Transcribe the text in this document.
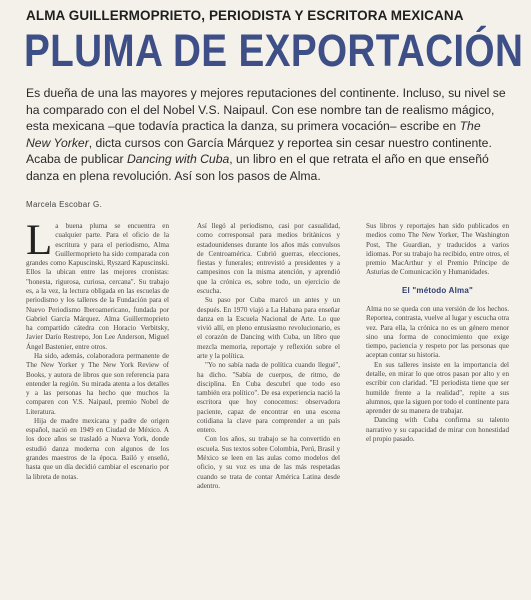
ALMA GUILLERMOPRIETO, PERIODISTA Y ESCRITORA MEXICANA
PLUMA DE EXPORTACIÓN
Es dueña de una las mayores y mejores reputaciones del continente. Incluso, su nivel se ha comparado con el del Nobel V.S. Naipaul. Con ese nombre tan de realismo mágico, esta mexicana –que todavía practica la danza, su primera vocación– escribe en The New Yorker, dicta cursos con García Márquez y reportea sin cesar nuestro continente. Acaba de publicar Dancing with Cuba, un libro en el que retrata el año en que enseñó danza en plena revolución. Así son los pasos de Alma.
Marcela Escobar G.
L a buena pluma se encuentra en cualquier parte. Para el oficio de la escritura y para el periodismo, Alma Guillermoprieto ha sido comparada con grandes como Kapuscinski, Ryszard Kapuscinski. Ellos la ubican entre las mejores cronistas: "honesta, rigurosa, curiosa, cercana". Su trabajo es, a la vez, la lectura obligada en las escuelas de periodismo y los talleres de la Fundación para el Nuevo Periodismo Iberoamericano, fundada por Gabriel García Márquez. Alma Guillermoprieto ha compartido cátedra con Horacio Verbitsky, Javier Darío Restrepo, Jon Lee Anderson, Miguel Ángel Bastenier, entre otros.

Ha sido, además, colaboradora permanente de The New Yorker y The New York Review of Books, y autora de libros que son referencia para entender la región. Su mirada atenta a los detalles y a las personas ha hecho que muchos la comparen con V.S. Naipaul, premio Nobel de Literatura.

Hija de madre mexicana y padre de origen español, nació en 1949 en Ciudad de México. A los doce años se trasladó a Nueva York, donde estudió danza moderna con algunos de los grandes maestros de la época. Bailó y enseñó, hasta que un día decidió cambiar el escenario por la libreta de notas.

Así llegó al periodismo, casi por casualidad, como corresponsal para medios británicos y estadounidenses durante los años más convulsos de Centroamérica. Cubrió guerras, elecciones, fiestas y funerales; entrevistó a presidentes y a campesinos con la misma atención, y aprendió que la crónica es, sobre todo, un ejercicio de escucha.

Su paso por Cuba marcó un antes y un después. En 1970 viajó a La Habana para enseñar danza en la Escuela Nacional de Arte. Lo que vivió allí, en pleno entusiasmo revolucionario, es el corazón de Dancing with Cuba, un libro que mezcla memoria, reportaje y reflexión sobre el arte y la política.

"Yo no sabía nada de política cuando llegué", ha dicho. "Sabía de cuerpos, de ritmo, de disciplina. En Cuba descubrí que todo eso también era político". De esa experiencia nació la escritora que hoy conocemos: observadora paciente, capaz de encontrar en una escena cotidiana la clave para comprender a un país entero.

Con los años, su trabajo se ha convertido en escuela. Sus textos sobre Colombia, Perú, Brasil y México se leen en las aulas como modelos del oficio, y su voz es una de las más respetadas cuando se trata de contar América Latina desde adentro.

Sus libros y reportajes han sido publicados en medios como The New Yorker, The Washington Post, The Guardian, y traducidos a varios idiomas. Por su trabajo ha recibido, entre otros, el premio MacArthur y el Premio Príncipe de Asturias de Comunicación y Humanidades.

El "método Alma"

Alma no se queda con una versión de los hechos. Reportea, contrasta, vuelve al lugar y escucha otra vez. Para ella, la crónica no es un género menor sino una forma de conocimiento que exige tiempo, paciencia y respeto por las personas que aceptan contar su historia.

En sus talleres insiste en la importancia del detalle, en mirar lo que otros pasan por alto y en escribir con claridad. "El periodista tiene que ser humilde frente a la realidad", repite a sus alumnos, que la siguen por todo el continente para aprender de su manera de trabajar.

Dancing with Cuba confirma su talento narrativo y su capacidad de mirar con honestidad el propio pasado.
